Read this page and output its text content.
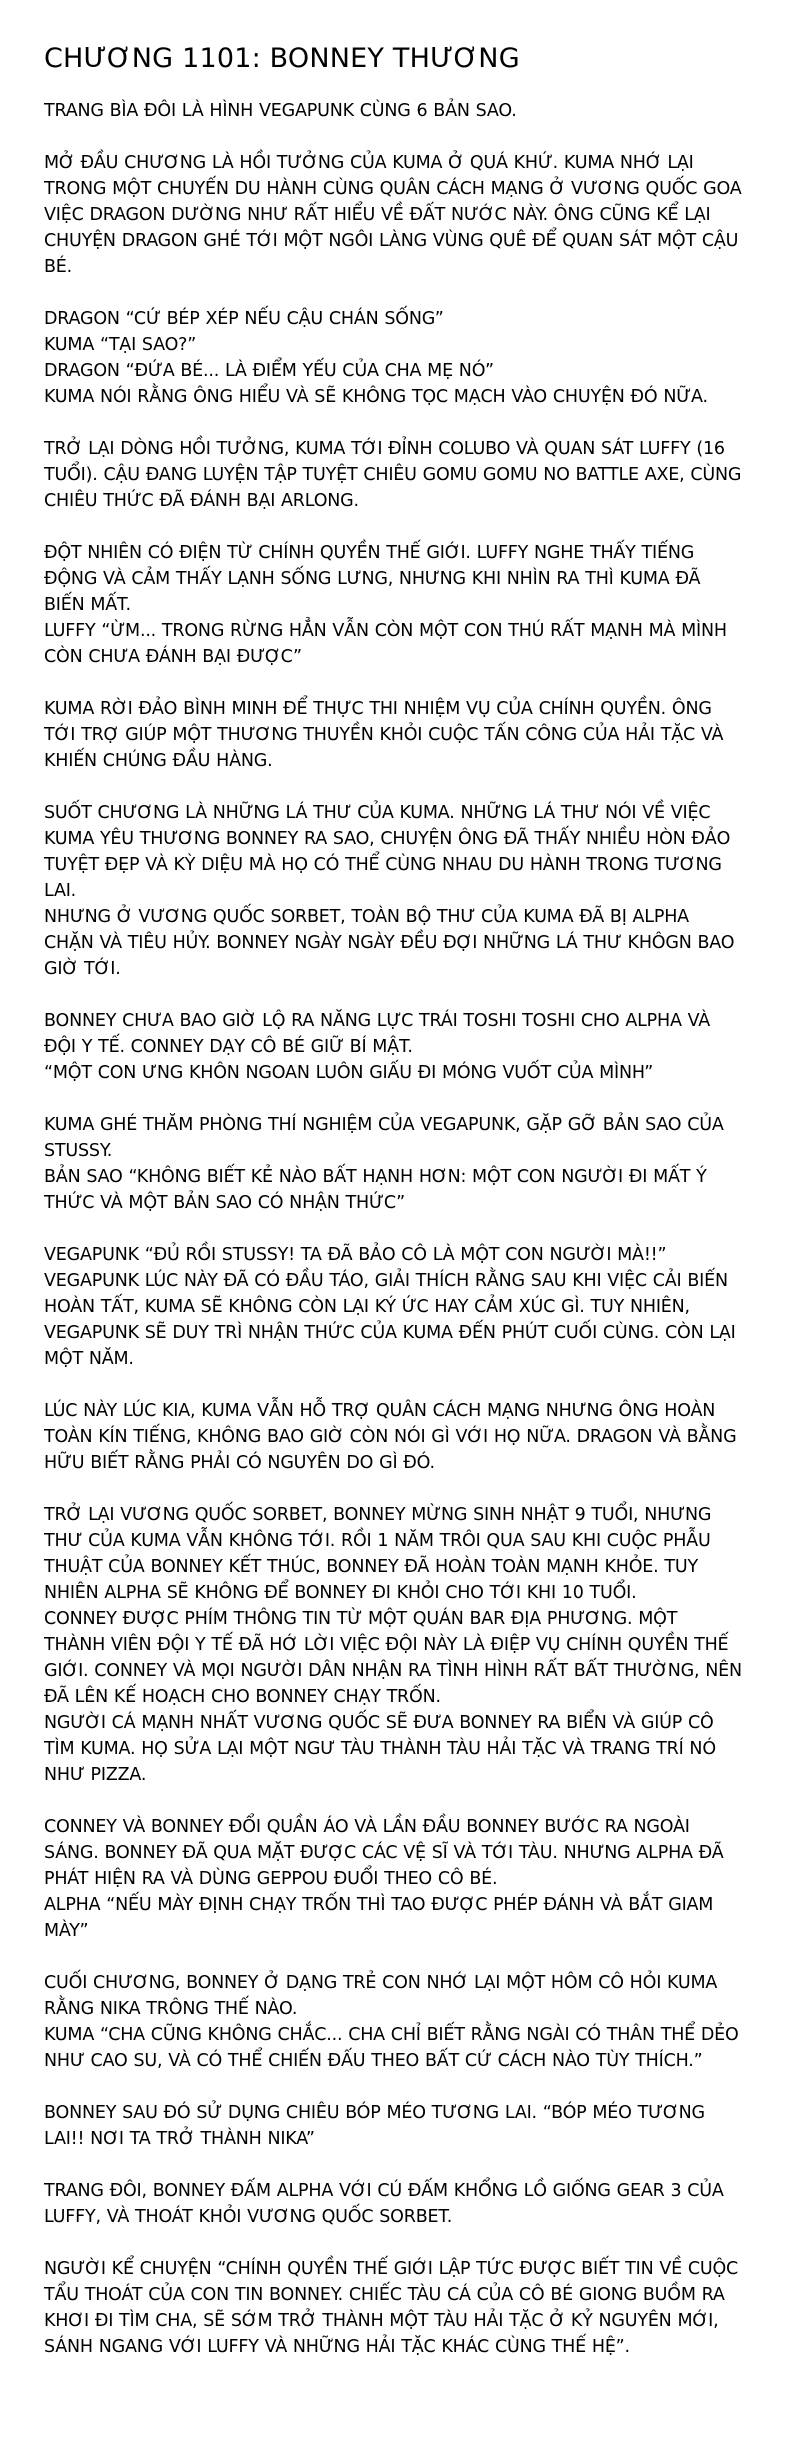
CHƯƠNG 1101: BONNEY THƯƠNG
TRANG BÌA ĐÔI LÀ HÌNH VEGAPUNK CÙNG 6 BẢN SAO.
MỞ ĐẦU CHƯƠNG LÀ HỒI TƯỞNG CỦA KUMA Ở QUÁ KHỨ. KUMA NHỚ LẠI TRONG MỘT CHUYẾN DU HÀNH CÙNG QUÂN CÁCH MẠNG Ở VƯƠNG QUỐC GOA VIỆC DRAGON DƯỜNG NHƯ RẤT HIỂU VỀ ĐẤT NƯỚC NÀY. ÔNG CŨNG KỂ LẠI CHUYỆN DRAGON GHÉ TỚI MỘT NGÔI LÀNG VÙNG QUÊ ĐỂ QUAN SÁT MỘT CẬU BÉ.
DRAGON “CỨ BÉP XÉP NẾU CẬU CHÁN SỐNG”
KUMA “TẠI SAO?”
DRAGON “ĐỨA BÉ... LÀ ĐIỂM YẾU CỦA CHA MẸ NÓ”
KUMA NÓI RẰNG ÔNG HIỂU VÀ SẼ KHÔNG TỌC MẠCH VÀO CHUYỆN ĐÓ NỮA.
TRỞ LẠI DÒNG HỒI TƯỞNG, KUMA TỚI ĐỈNH COLUBO VÀ QUAN SÁT LUFFY (16 TUỔI). CẬU ĐANG LUYỆN TẬP TUYỆT CHIÊU GOMU GOMU NO BATTLE AXE, CÙNG CHIÊU THỨC ĐÃ ĐÁNH BẠI ARLONG.
ĐỘT NHIÊN CÓ ĐIỆN TỪ CHÍNH QUYỀN THẾ GIỚI. LUFFY NGHE THẤY TIẾNG ĐỘNG VÀ CẢM THẤY LẠNH SỐNG LƯNG, NHƯNG KHI NHÌN RA THÌ KUMA ĐÃ BIẾN MẤT.
LUFFY “ỪM... TRONG RỪNG HẲN VẪN CÒN MỘT CON THÚ RẤT MẠNH MÀ MÌNH CÒN CHƯA ĐÁNH BẠI ĐƯỢC”
KUMA RỜI ĐẢO BÌNH MINH ĐỂ THỰC THI NHIỆM VỤ CỦA CHÍNH QUYỀN. ÔNG TỚI TRỢ GIÚP MỘT THƯƠNG THUYỀN KHỎI CUỘC TẤN CÔNG CỦA HẢI TẶC VÀ KHIẾN CHÚNG ĐẦU HÀNG.
SUỐT CHƯƠNG LÀ NHỮNG LÁ THƯ CỦA KUMA. NHỮNG LÁ THƯ NÓI VỀ VIỆC KUMA YÊU THƯƠNG BONNEY RA SAO, CHUYỆN ÔNG ĐÃ THẤY NHIỀU HÒN ĐẢO TUYỆT ĐẸP VÀ KỲ DIỆU MÀ HỌ CÓ THỂ CÙNG NHAU DU HÀNH TRONG TƯƠNG LAI.
NHƯNG Ở VƯƠNG QUỐC SORBET, TOÀN BỘ THƯ CỦA KUMA ĐÃ BỊ ALPHA CHẶN VÀ TIÊU HỦY. BONNEY NGÀY NGÀY ĐỀU ĐỢI NHỮNG LÁ THƯ KHÔGN BAO GIỜ TỚI.
BONNEY CHƯA BAO GIỜ LỘ RA NĂNG LỰC TRÁI TOSHI TOSHI CHO ALPHA VÀ ĐỘI Y TẾ. CONNEY DẠY CÔ BÉ GIỮ BÍ MẬT.
“MỘT CON ƯNG KHÔN NGOAN LUÔN GIẤU ĐI MÓNG VUỐT CỦA MÌNH”
KUMA GHÉ THĂM PHÒNG THÍ NGHIỆM CỦA VEGAPUNK, GẶP GỠ BẢN SAO CỦA STUSSY.
BẢN SAO “KHÔNG BIẾT KẺ NÀO BẤT HẠNH HƠN: MỘT CON NGƯỜI ĐI MẤT Ý THỨC VÀ MỘT BẢN SAO CÓ NHẬN THỨC”
VEGAPUNK “ĐỦ RỒI STUSSY! TA ĐÃ BẢO CÔ LÀ MỘT CON NGƯỜI MÀ!!”
VEGAPUNK LÚC NÀY ĐÃ CÓ ĐẦU TÁO, GIẢI THÍCH RẰNG SAU KHI VIỆC CẢI BIẾN HOÀN TẤT, KUMA SẼ KHÔNG CÒN LẠI KÝ ỨC HAY CẢM XÚC GÌ. TUY NHIÊN, VEGAPUNK SẼ DUY TRÌ NHẬN THỨC CỦA KUMA ĐẾN PHÚT CUỐI CÙNG. CÒN LẠI MỘT NĂM.
LÚC NÀY LÚC KIA, KUMA VẪN HỖ TRỢ QUÂN CÁCH MẠNG NHƯNG ÔNG HOÀN TOÀN KÍN TIẾNG, KHÔNG BAO GIỜ CÒN NÓI GÌ VỚI HỌ NỮA. DRAGON VÀ BẰNG HỮU BIẾT RẰNG PHẢI CÓ NGUYÊN DO GÌ ĐÓ.
TRỞ LẠI VƯƠNG QUỐC SORBET, BONNEY MỪNG SINH NHẬT 9 TUỔI, NHƯNG THƯ CỦA KUMA VẪN KHÔNG TỚI. RỒI 1 NĂM TRÔI QUA SAU KHI CUỘC PHẪU THUẬT CỦA BONNEY KẾT THÚC, BONNEY ĐÃ HOÀN TOÀN MẠNH KHỎE. TUY NHIÊN ALPHA SẼ KHÔNG ĐỂ BONNEY ĐI KHỎI CHO TỚI KHI 10 TUỔI.
CONNEY ĐƯỢC PHÍM THÔNG TIN TỪ MỘT QUÁN BAR ĐỊA PHƯƠNG. MỘT THÀNH VIÊN ĐỘI Y TẾ ĐÃ HỚ LỜI VIỆC ĐỘI NÀY LÀ ĐIỆP VỤ CHÍNH QUYỀN THẾ GIỚI. CONNEY VÀ MỌI NGƯỜI DÂN NHẬN RA TÌNH HÌNH RẤT BẤT THƯỜNG, NÊN ĐÃ LÊN KẾ HOẠCH CHO BONNEY CHẠY TRỐN.
NGƯỜI CÁ MẠNH NHẤT VƯƠNG QUỐC SẼ ĐƯA BONNEY RA BIỂN VÀ GIÚP CÔ TÌM KUMA. HỌ SỬA LẠI MỘT NGƯ TÀU THÀNH TÀU HẢI TẶC VÀ TRANG TRÍ NÓ NHƯ PIZZA.
CONNEY VÀ BONNEY ĐỔI QUẦN ÁO VÀ LẦN ĐẦU BONNEY BƯỚC RA NGOÀI SÁNG. BONNEY ĐÃ QUA MẶT ĐƯỢC CÁC VỆ SĨ VÀ TỚI TÀU. NHƯNG ALPHA ĐÃ PHÁT HIỆN RA VÀ DÙNG GEPPOU ĐUỔI THEO CÔ BÉ.
ALPHA “NẾU MÀY ĐỊNH CHẠY TRỐN THÌ TAO ĐƯỢC PHÉP ĐÁNH VÀ BẮT GIAM MÀY”
CUỐI CHƯƠNG, BONNEY Ở DẠNG TRẺ CON NHỚ LẠI MỘT HÔM CÔ HỎI KUMA RẰNG NIKA TRÔNG THẾ NÀO.
KUMA “CHA CŨNG KHÔNG CHẮC... CHA CHỈ BIẾT RẰNG NGÀI CÓ THÂN THỂ DẺO NHƯ CAO SU, VÀ CÓ THỂ CHIẾN ĐẤU THEO BẤT CỨ CÁCH NÀO TÙY THÍCH.”
BONNEY SAU ĐÓ SỬ DỤNG CHIÊU BÓP MÉO TƯƠNG LAI. “BÓP MÉO TƯƠNG LAI!! NƠI TA TRỞ THÀNH NIKA”
TRANG ĐÔI, BONNEY ĐẤM ALPHA VỚI CÚ ĐẤM KHỔNG LỒ GIỐNG GEAR 3 CỦA LUFFY, VÀ THOÁT KHỎI VƯƠNG QUỐC SORBET.
NGƯỜI KỂ CHUYỆN “CHÍNH QUYỀN THẾ GIỚI LẬP TỨC ĐƯỢC BIẾT TIN VỀ CUỘC TẨU THOÁT CỦA CON TIN BONNEY. CHIẾC TÀU CÁ CỦA CÔ BÉ GIONG BUỒM RA KHƠI ĐI TÌM CHA, SẼ SỚM TRỞ THÀNH MỘT TÀU HẢI TẶC Ở KỶ NGUYÊN MỚI, SÁNH NGANG VỚI LUFFY VÀ NHỮNG HẢI TẶC KHÁC CÙNG THẾ HỆ”.
